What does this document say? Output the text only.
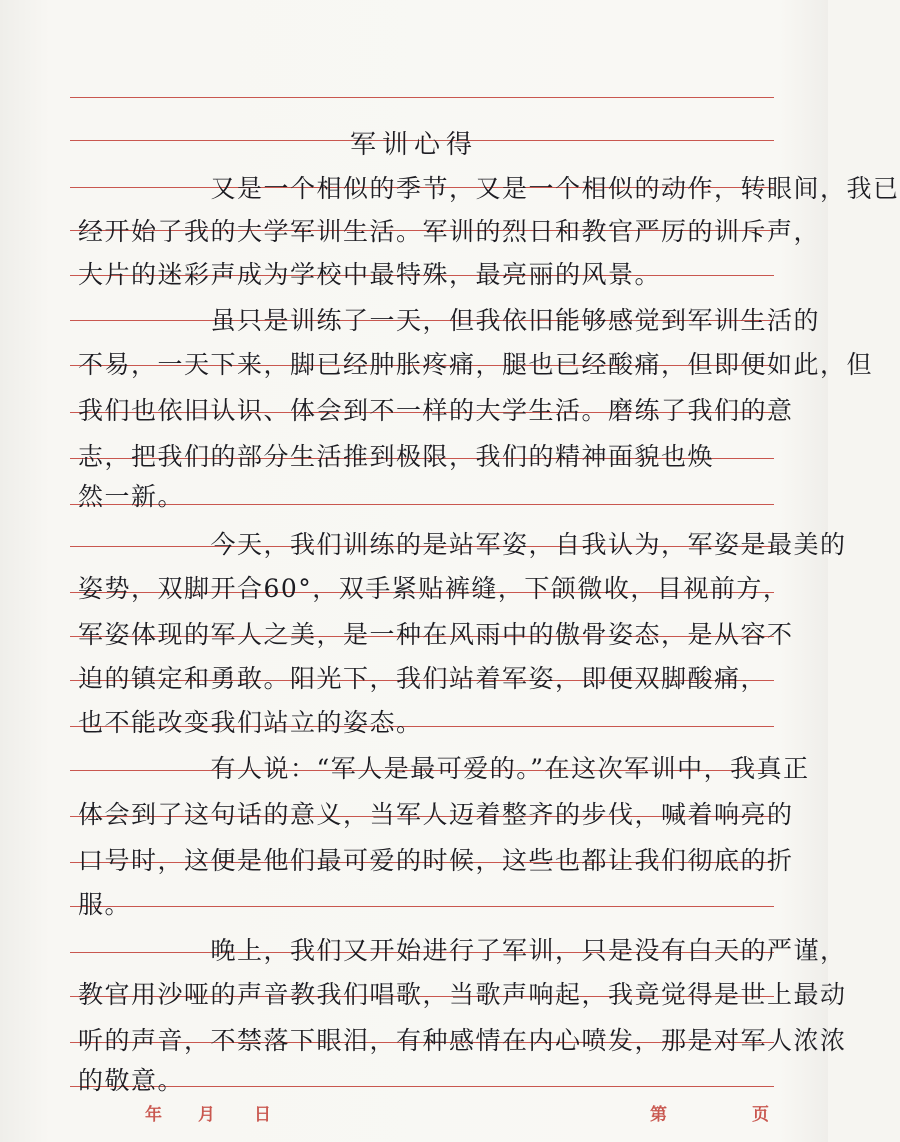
军训心得
　　　　　又是一个相似的季节，又是一个相似的动作，转眼间，我已
经开始了我的大学军训生活。军训的烈日和教官严厉的训斥声，
大片的迷彩声成为学校中最特殊，最亮丽的风景。
　　　　　虽只是训练了一天，但我依旧能够感觉到军训生活的
不易，一天下来，脚已经肿胀疼痛，腿也已经酸痛，但即便如此，但
我们也依旧认识、体会到不一样的大学生活。磨练了我们的意
志，把我们的部分生活推到极限，我们的精神面貌也焕
然一新。
　　　　　今天，我们训练的是站军姿，自我认为，军姿是最美的
姿势，双脚开合60°，双手紧贴裤缝，下颌微收，目视前方，
军姿体现的军人之美，是一种在风雨中的傲骨姿态，是从容不
迫的镇定和勇敢。阳光下，我们站着军姿，即便双脚酸痛，
也不能改变我们站立的姿态。
　　　　　有人说：“军人是最可爱的。”在这次军训中，我真正
体会到了这句话的意义，当军人迈着整齐的步伐，喊着响亮的
口号时，这便是他们最可爱的时候，这些也都让我们彻底的折
服。
　　　　　晚上，我们又开始进行了军训，只是没有白天的严谨，
教官用沙哑的声音教我们唱歌，当歌声响起，我竟觉得是世上最动
听的声音，不禁落下眼泪，有种感情在内心喷发，那是对军人浓浓
的敬意。
年 月 日	第	页
